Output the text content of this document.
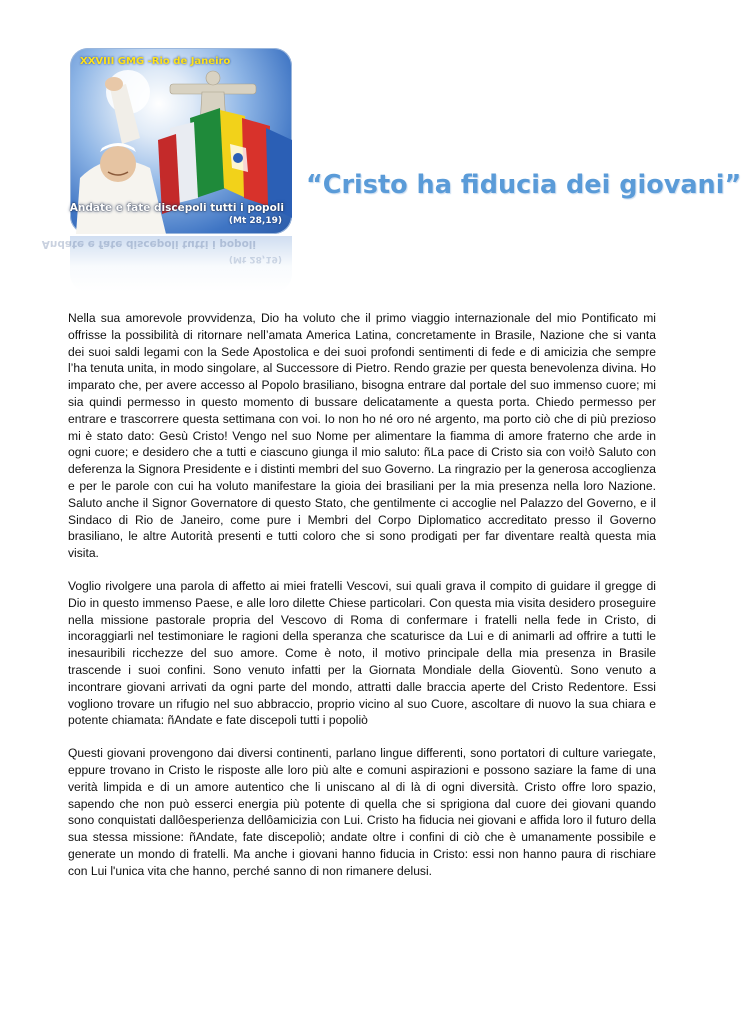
XXVIII GMG -Rio de Janeiro
Andate e fate discepoli tutti i popoli
(Mt 28,19)
(Mt 28,19)
Andate e fate discepoli tutti i popoli
“Cristo ha fiducia dei giovani”

Nella sua amorevole provvidenza, Dio ha voluto che il primo viaggio internazionale del mio Pontificato mi offrisse la possibilità di ritornare nell’amata America Latina, concretamente in Brasile, Nazione che si vanta dei suoi saldi legami con la Sede Apostolica e dei suoi profondi sentimenti di fede e di amicizia che sempre l’ha tenuta unita, in modo singolare, al Successore di Pietro. Rendo grazie per questa benevolenza divina. Ho imparato che, per avere accesso al Popolo brasiliano, bisogna entrare dal portale del suo immenso cuore; mi sia quindi permesso in questo momento di bussare delicatamente a questa porta. Chiedo permesso per entrare e trascorrere questa settimana con voi. Io non ho né oro né argento, ma porto ciò che di più prezioso mi è stato dato: Gesù Cristo! Vengo nel suo Nome per alimentare la fiamma di amore fraterno che arde in ogni cuore; e desidero che a tutti e ciascuno giunga il mio saluto: ñLa pace di Cristo sia con voi!ò Saluto con deferenza la Signora Presidente e i distinti membri del suo Governo. La ringrazio per la generosa accoglienza e per le parole con cui ha voluto manifestare la gioia dei brasiliani per la mia presenza nella loro Nazione. Saluto anche il Signor Governatore di questo Stato, che gentilmente ci accoglie nel Palazzo del Governo, e il Sindaco di Rio de Janeiro, come pure i Membri del Corpo Diplomatico accreditato presso il Governo brasiliano, le altre Autorità presenti e tutti coloro che si sono prodigati per far diventare realtà questa mia visita.

Voglio rivolgere una parola di affetto ai miei fratelli Vescovi, sui quali grava il compito di guidare il gregge di Dio in questo immenso Paese, e alle loro dilette Chiese particolari. Con questa mia visita desidero proseguire nella missione pastorale propria del Vescovo di Roma di confermare i fratelli nella fede in Cristo, di incoraggiarli nel testimoniare le ragioni della speranza che scaturisce da Lui e di animarli ad offrire a tutti le inesauribili ricchezze del suo amore. Come è noto, il motivo principale della mia presenza in Brasile trascende i suoi confini. Sono venuto infatti per la Giornata Mondiale della Gioventù. Sono venuto a incontrare giovani arrivati da ogni parte del mondo, attratti dalle braccia aperte del Cristo Redentore. Essi vogliono trovare un rifugio nel suo abbraccio, proprio vicino al suo Cuore, ascoltare di nuovo la sua chiara e potente chiamata: ñAndate e fate discepoli tutti i popoliò

Questi giovani provengono dai diversi continenti, parlano lingue differenti, sono portatori di culture variegate, eppure trovano in Cristo le risposte alle loro più alte e comuni aspirazioni e possono saziare la fame di una verità limpida e di un amore autentico che li uniscano al di là di ogni diversità. Cristo offre loro spazio, sapendo che non può esserci energia più potente di quella che si sprigiona dal cuore dei giovani quando sono conquistati dallôesperienza dellôamicizia con Lui. Cristo ha fiducia nei giovani e affida loro il futuro della sua stessa missione: ñAndate, fate discepoliò; andate oltre i confini di ciò che è umanamente possibile e generate un mondo di fratelli. Ma anche i giovani hanno fiducia in Cristo: essi non hanno paura di rischiare con Lui l'unica vita che hanno, perché sanno di non rimanere delusi.
